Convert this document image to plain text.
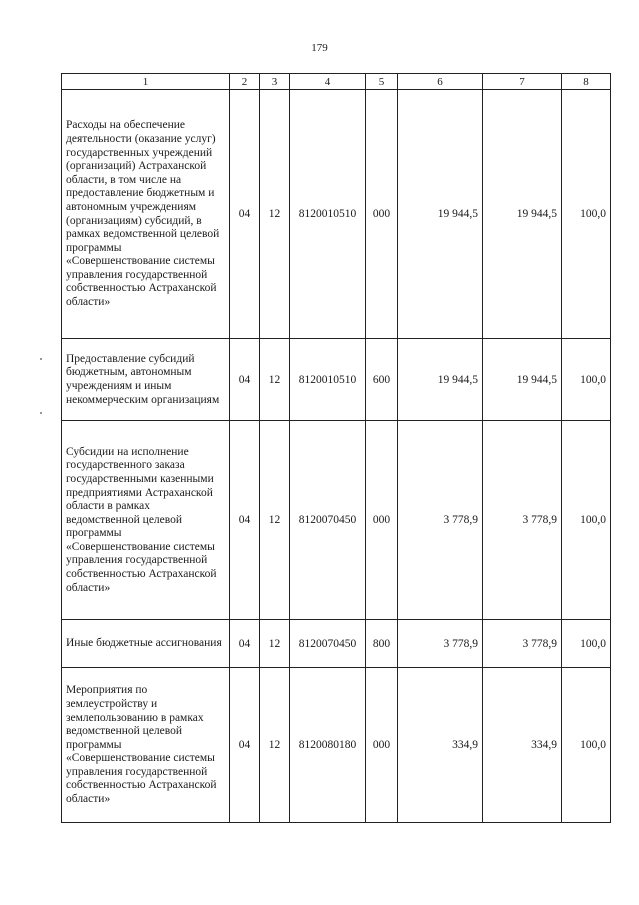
179
1	2	3	4	5	6	7	8
Расходы на обеспечение деятельности (оказание услуг) государственных учреждений (организаций) Астраханской области, в том числе на предоставление бюджетным и автономным учреждениям (организациям) субсидий, в рамках ведомственной целевой программы «Совершенствование системы управления государственной собственностью Астраханской области»	04	12	8120010510	000	19 944,5	19 944,5	100,0
Предоставление субсидий бюджетным, автономным учреждениям и иным некоммерческим организациям	04	12	8120010510	600	19 944,5	19 944,5	100,0
Субсидии на исполнение государственного заказа государственными казенными предприятиями Астраханской области в рамках ведомственной целевой программы «Совершенствование системы управления государственной собственностью Астраханской области»	04	12	8120070450	000	3 778,9	3 778,9	100,0
Иные бюджетные ассигнования	04	12	8120070450	800	3 778,9	3 778,9	100,0
Мероприятия по землеустройству и землепользованию в рамках ведомственной целевой программы «Совершенствование системы управления государственной собственностью Астраханской области»	04	12	8120080180	000	334,9	334,9	100,0
